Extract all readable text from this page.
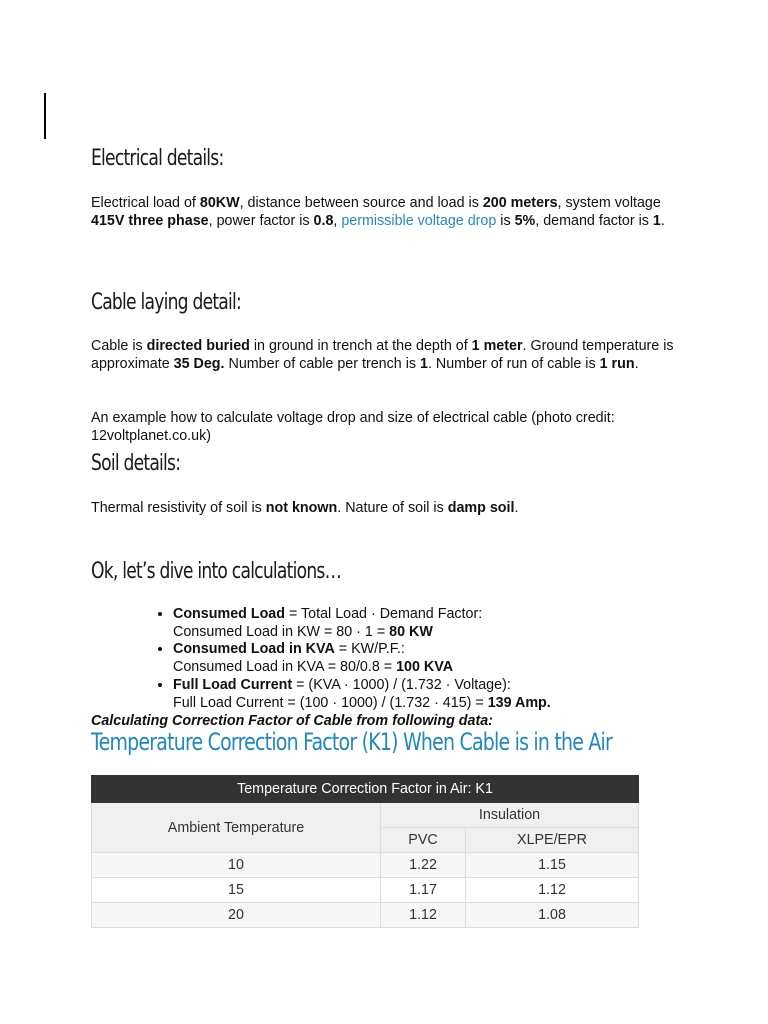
Electrical details:

Electrical load of 80KW, distance between source and load is 200 meters, system voltage 415V three phase, power factor is 0.8, permissible voltage drop is 5%, demand factor is 1.

Cable laying detail:

Cable is directed buried in ground in trench at the depth of 1 meter. Ground temperature is approximate 35 Deg. Number of cable per trench is 1. Number of run of cable is 1 run.

An example how to calculate voltage drop and size of electrical cable (photo credit: 12voltplanet.co.uk)

Soil details:

Thermal resistivity of soil is not known. Nature of soil is damp soil.

Ok, let’s dive into calculations…
• Consumed Load = Total Load · Demand Factor:
Consumed Load in KW = 80 · 1 = 80 KW
• Consumed Load in KVA = KW/P.F.:
Consumed Load in KVA = 80/0.8 = 100 KVA
• Full Load Current = (KVA · 1000) / (1.732 · Voltage):
Full Load Current = (100 · 1000) / (1.732 · 415) = 139 Amp.

Calculating Correction Factor of Cable from following data:

Temperature Correction Factor (K1) When Cable is in the Air
Temperature Correction Factor in Air: K1		
Ambient Temperature	Insulation	
	PVC	XLPE/EPR
10	1.22	1.15
15	1.17	1.12
20	1.12	1.08
